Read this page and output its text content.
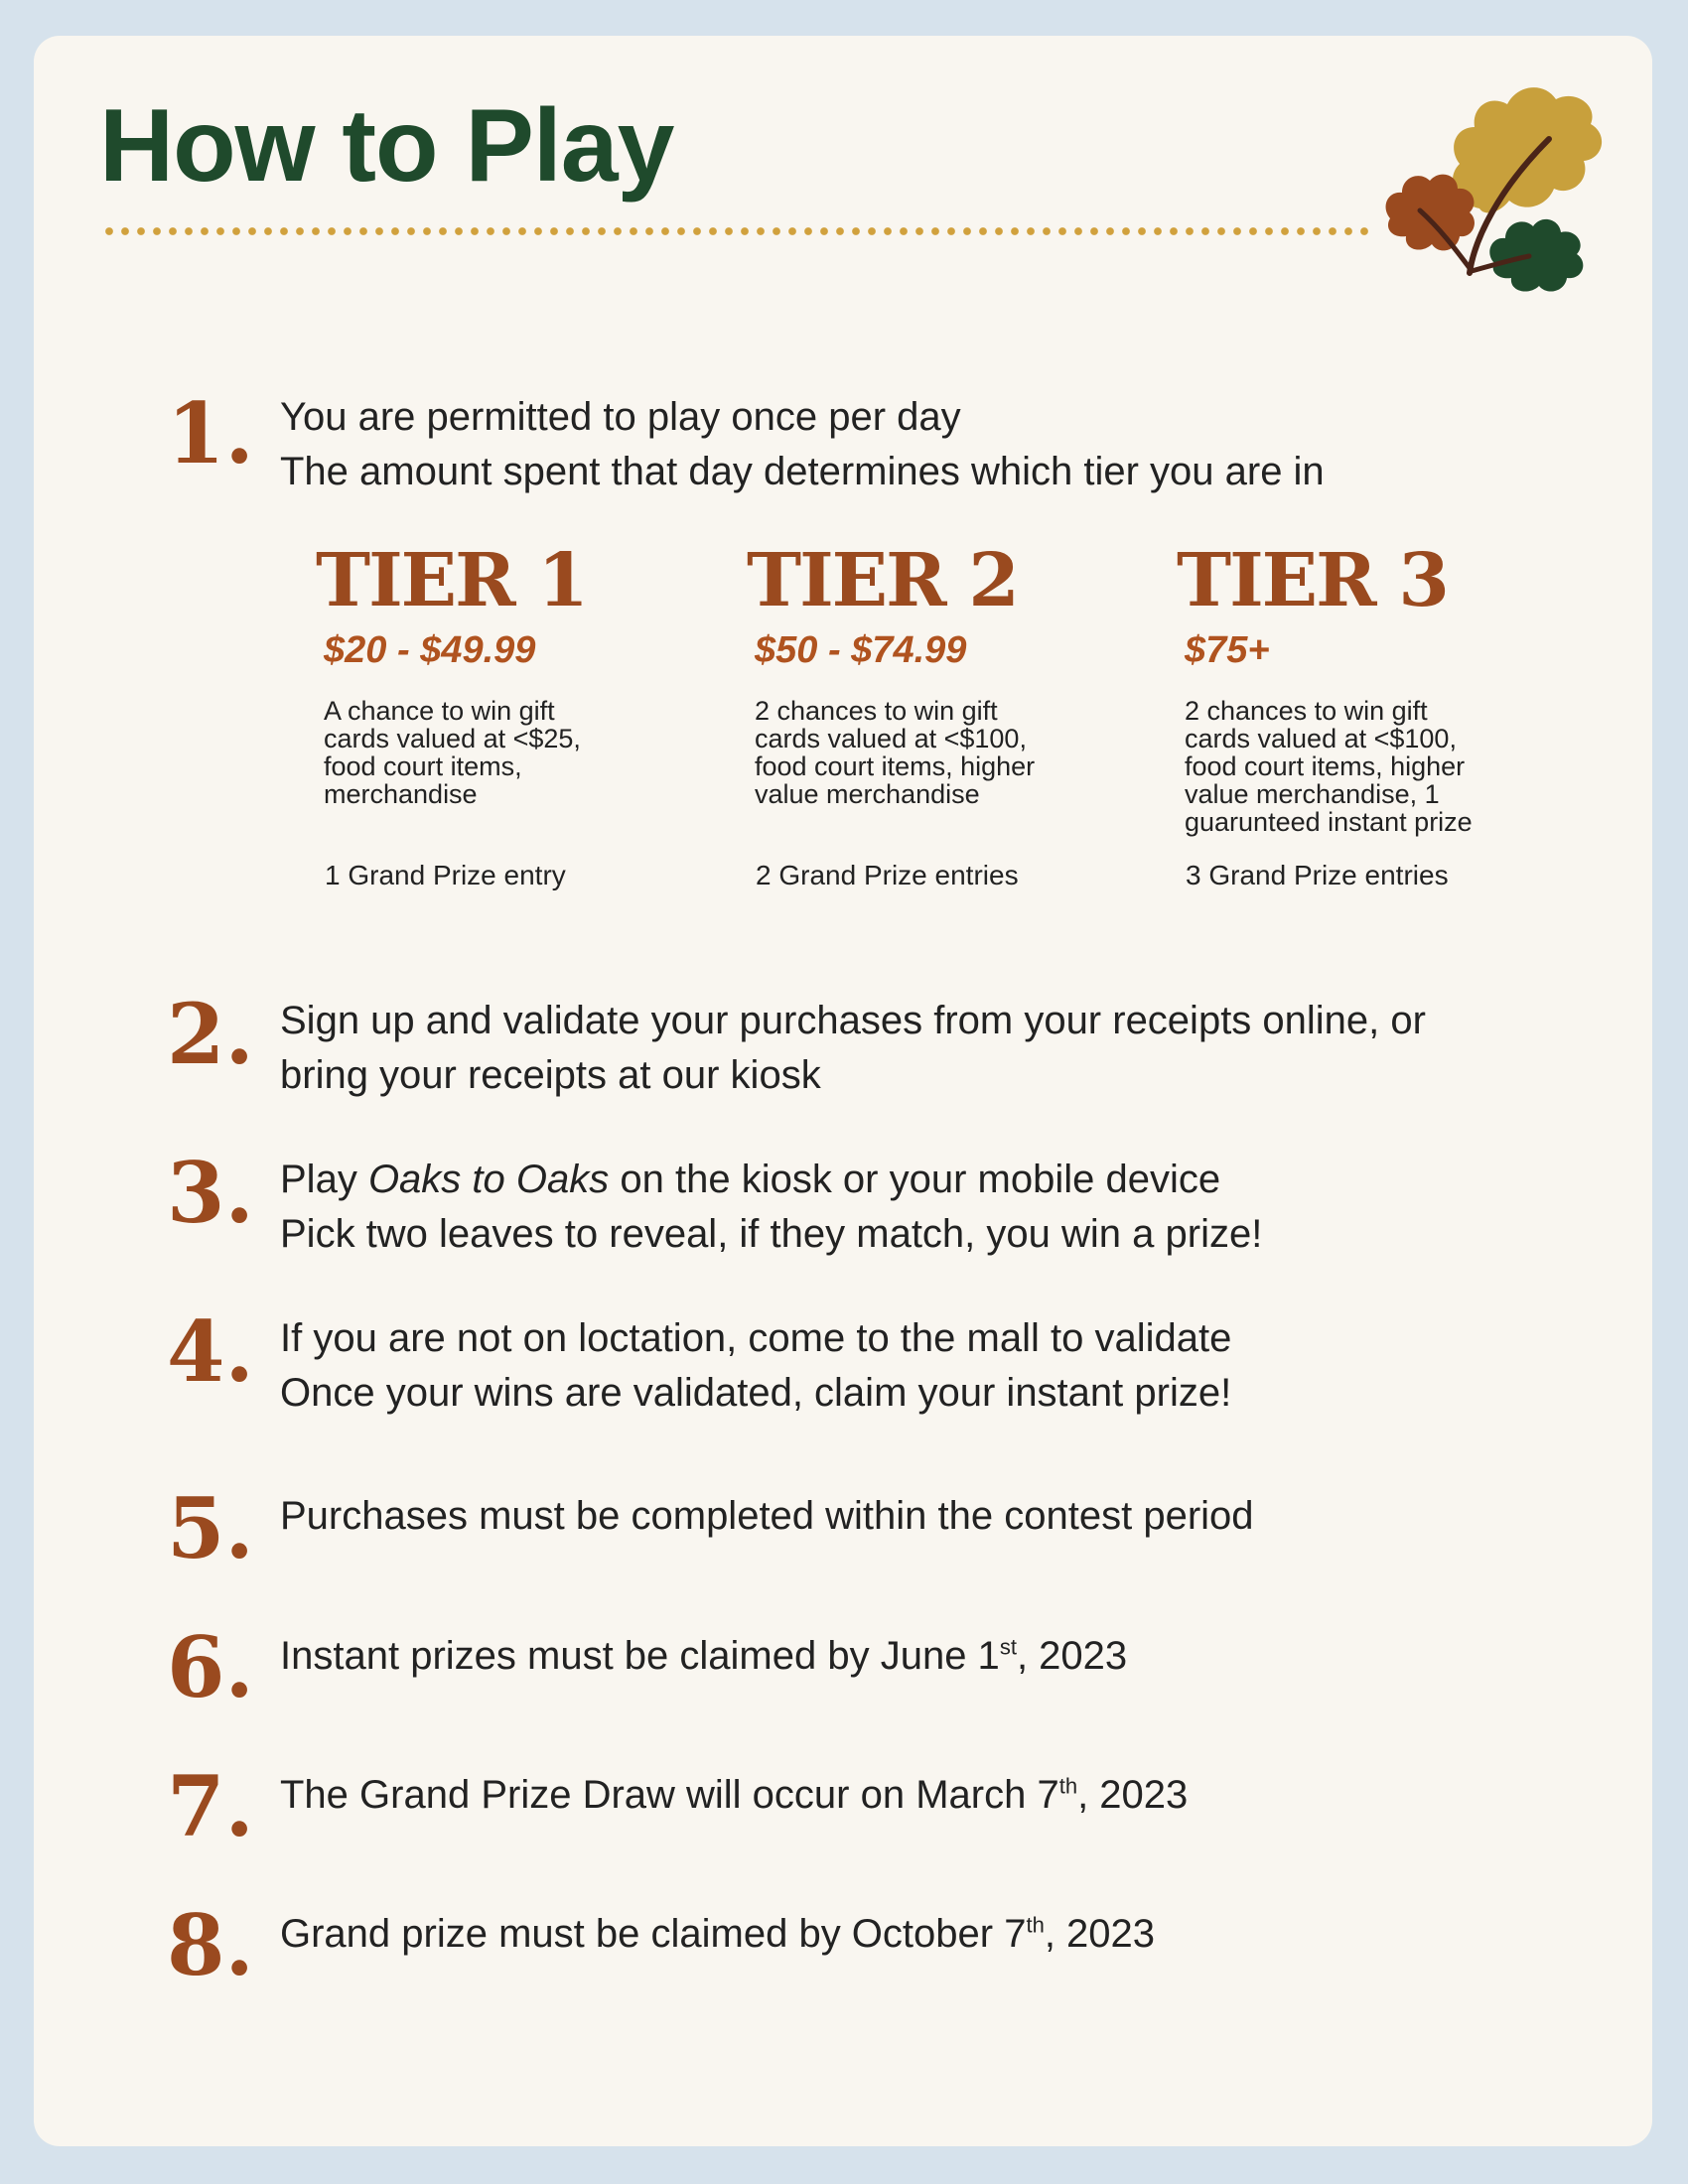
How to Play
1. You are permitted to play once per day
The amount spent that day determines which tier you are in
TIER 1
$20 - $49.99
A chance to win gift
cards valued at <$25,
food court items,
merchandise
1 Grand Prize entry
TIER 2
$50 - $74.99
2 chances to win gift
cards valued at <$100,
food court items, higher
value merchandise
2 Grand Prize entries
TIER 3
$75+
2 chances to win gift
cards valued at <$100,
food court items, higher
value merchandise, 1
guarunteed instant prize
3 Grand Prize entries
2. Sign up and validate your purchases from your receipts online, or
bring your receipts at our kiosk
3. Play Oaks to Oaks on the kiosk or your mobile device
Pick two leaves to reveal, if they match, you win a prize!
4. If you are not on loctation, come to the mall to validate
Once your wins are validated, claim your instant prize!
5. Purchases must be completed within the contest period
6. Instant prizes must be claimed by June 1st, 2023
7. The Grand Prize Draw will occur on March 7th, 2023
8. Grand prize must be claimed by October 7th, 2023
